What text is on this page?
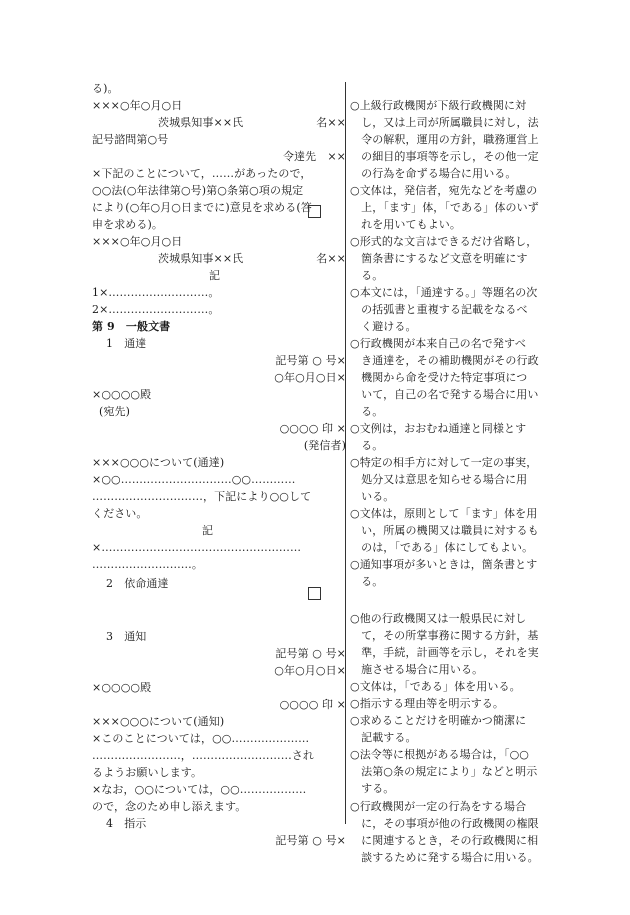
る)。
×××○年○月○日
茨城県知事××氏	名××
記号諮問第○号
令達先　××
×下記のことについて，……があったので，
○○法(○年法律第○号)第○条第○項の規定
により(○年○月○日までに)意見を求める(答
申を求める)。
×××○年○月○日
茨城県知事××氏	名××
記
1×………………………。
2×………………………。
第 9　一般文書
1　通達
記号第 ○ 号×
○年○月○日×
×○○○○殿
(宛先)
○○○○ 印 ×
(発信者)
×××○○○について(通達)
×○○…………………………○○…………
…………………………，下記により○○して
ください。
記
×………………………………………………
………………………。
2　依命通達
3　通知
記号第 ○ 号×
○年○月○日×
×○○○○殿
○○○○ 印 ×
×××○○○について(通知)
×このことについては，○○…………………
……………………，………………………され
るようお願いします。
×なお，○○については，○○………………
ので，念のため申し添えます。
4　指示
記号第 ○ 号×
○上級行政機関が下級行政機関に対
　し，又は上司が所属職員に対し，法
　令の解釈，運用の方針，職務運営上
　の細目的事項等を示し，その他一定
　の行為を命ずる場合に用いる。
○文体は，発信者，宛先などを考慮の
　上，「ます」体，「である」体のいず
　れを用いてもよい。
○形式的な文言はできるだけ省略し，
　箇条書にするなど文意を明確にす
　る。
○本文には，「通達する。」等題名の次
　の括弧書と重複する記載をなるべ
　く避ける。
○行政機関が本来自己の名で発すべ
　き通達を，その補助機関がその行政
　機関から命を受けた特定事項につ
　いて，自己の名で発する場合に用い
　る。
○文例は，おおむね通達と同様とす
　る。
○特定の相手方に対して一定の事実，
　処分又は意思を知らせる場合に用
　いる。
○文体は，原則として「ます」体を用
　い，所属の機関又は職員に対するも
　のは，「である」体にしてもよい。
○通知事項が多いときは，箇条書とす
　る。
○他の行政機関又は一般県民に対し
　て，その所掌事務に関する方針，基
　準，手続，計画等を示し，それを実
　施させる場合に用いる。
○文体は，「である」体を用いる。
○指示する理由等を明示する。
○求めることだけを明確かつ簡潔に
　記載する。
○法令等に根拠がある場合は，「○○
　法第○条の規定により」などと明示
　する。
○行政機関が一定の行為をする場合
　に，その事項が他の行政機関の権限
　に関連するとき，その行政機関に相
　談するために発する場合に用いる。
